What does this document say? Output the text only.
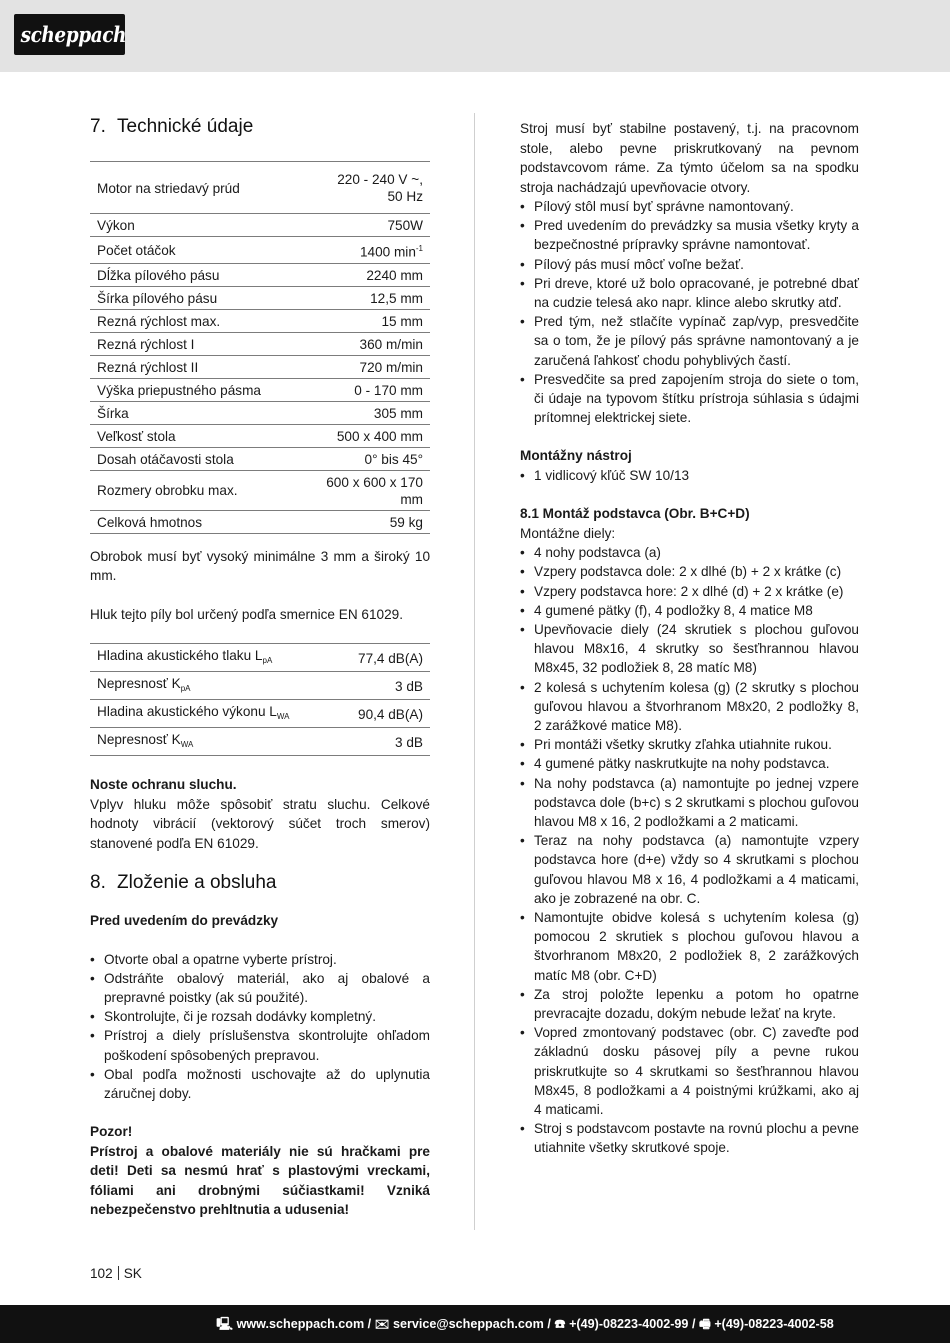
scheppach
7. Technické údaje
Motor na striedavý prúd	220 - 240 V ~, 50 Hz
Výkon	750W
Počet otáčok	1400 $\min^{-1}$
Dĺžka pílového pásu	2240 mm
Šírka pílového pásu	12,5 mm
Rezná rýchlost max.	15 mm
Rezná rýchlost I	360 m/min
Rezná rýchlost II	720 m/min
Výška priepustného pásma	0 - 170 mm
Šírka	305 mm
Veľkosť stola	500 x 400 mm
Dosah otáčavosti stola	0° bis 45°
Rozmery obrobku max.	600 x 600 x 170 mm
Celková hmotnos	59 kg

Obrobok musí byť vysoký minimálne 3 mm a široký 10 mm.

Hluk tejto píly bol určený podľa smernice EN 61029.

Hladina akustického tlaku $L_{pA}$	77,4 dB(A)
Nepresnosť $K_{pA}$	3 dB
Hladina akustického výkonu $L_{WA}$	90,4 dB(A)
Nepresnosť $K_{WA}$	3 dB

Noste ochranu sluchu.

Vplyv hluku môže spôsobiť stratu sluchu. Celkové hodnoty vibrácií (vektorový súčet troch smerov) stanovené podľa EN 61029.

8. Zloženie a obsluha

Pred uvedením do prevádzky

• Otvorte obal a opatrne vyberte prístroj.
• Odstráňte obalový materiál, ako aj obalové a prepravné poistky (ak sú použité).
• Skontrolujte, či je rozsah dodávky kompletný.
• Prístroj a diely príslušenstva skontrolujte ohľadom poškodení spôsobených prepravou.
• Obal podľa možnosti uschovajte až do uplynutia záručnej doby.

Pozor!

Prístroj a obalové materiály nie sú hračkami pre deti! Deti sa nesmú hrať s plastovými vreckami, fóliami ani drobnými súčiastkami! Vzniká nebezpečenstvo prehltnutia a udusenia!

Stroj musí byť stabilne postavený, t.j. na pracovnom stole, alebo pevne priskrutkovaný na pevnom podstavcovom ráme. Za týmto účelom sa na spodku stroja nachádzajú upevňovacie otvory.

• Pílový stôl musí byť správne namontovaný.
• Pred uvedením do prevádzky sa musia všetky kryty a bezpečnostné prípravky správne namontovať.
• Pílový pás musí môcť voľne bežať.
• Pri dreve, ktoré už bolo opracované, je potrebné dbať na cudzie telesá ako napr. klince alebo skrutky atď.
• Pred tým, než stlačíte vypínač zap/vyp, presvedčite sa o tom, že je pílový pás správne namontovaný a je zaručená ľahkosť chodu pohyblivých častí.
• Presvedčite sa pred zapojením stroja do siete o tom, či údaje na typovom štítku prístroja súhlasia s údajmi prítomnej elektrickej siete.

Montážny nástroj

• 1 vidlicový kľúč SW 10/13

8.1 Montáž podstavca (Obr. B+C+D)

Montážne diely:

• 4 nohy podstavca (a)
• Vzpery podstavca dole: 2 x dlhé (b) + 2 x krátke (c)
• Vzpery podstavca hore: 2 x dlhé (d) + 2 x krátke (e)
• 4 gumené pätky (f), 4 podložky 8, 4 matice M8
• Upevňovacie diely (24 skrutiek s plochou guľovou hlavou M8x16, 4 skrutky so šesťhrannou hlavou M8x45, 32 podložiek 8, 28 matíc M8)
• 2 kolesá s uchytením kolesa (g) (2 skrutky s plochou guľovou hlavou a štvorhranom M8x20, 2 podložky 8, 2 zarážkové matice M8).
• Pri montáži všetky skrutky zľahka utiahnite rukou.
• 4 gumené pätky naskrutkujte na nohy podstavca.
• Na nohy podstavca (a) namontujte po jednej vzpere podstavca dole (b+c) s 2 skrutkami s plochou guľovou hlavou M8 x 16, 2 podložkami a 2 maticami.
• Teraz na nohy podstavca (a) namontujte vzpery podstavca hore (d+e) vždy so 4 skrutkami s plochou guľovou hlavou M8 x 16, 4 podložkami a 4 maticami, ako je zobrazené na obr. C.
• Namontujte obidve kolesá s uchytením kolesa (g) pomocou 2 skrutiek s plochou guľovou hlavou a štvorhranom M8x20, 2 podložiek 8, 2 zarážkových matíc M8 (obr. C+D)
• Za stroj položte lepenku a potom ho opatrne prevracajte dozadu, dokým nebude ležať na kryte.
• Vopred zmontovaný podstavec (obr. C) zaveďte pod základnú dosku pásovej píly a pevne rukou priskrutkujte so 4 skrutkami so šesťhrannou hlavou M8x45, 8 podložkami a 4 poistnými krúžkami, ako aj 4 maticami.
• Stroj s podstavcom postavte na rovnú plochu a pevne utiahnite všetky skrutkové spoje.
102 SK
🖳 www.scheppach.com / ✉ service@scheppach.com / ☎ +(49)-08223-4002-99 / 🖷 +(49)-08223-4002-58
